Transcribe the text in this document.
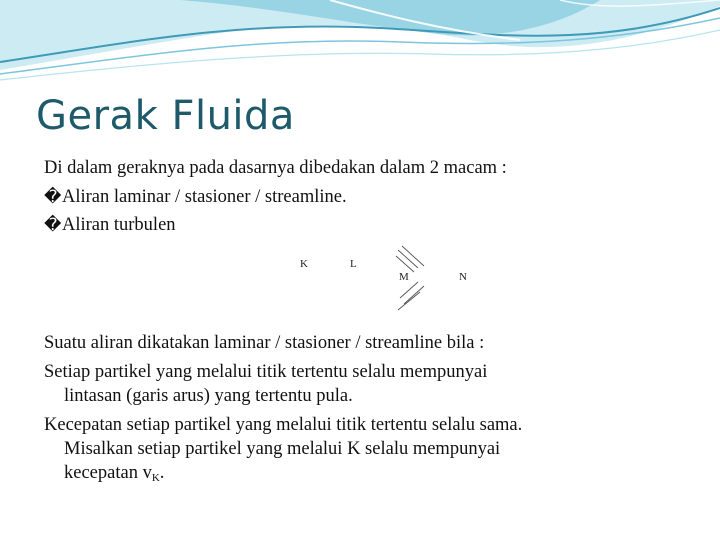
Gerak Fluida
Di dalam geraknya pada dasarnya dibedakan dalam 2 macam :
�Aliran laminar / stasioner / streamline.
�Aliran turbulen
K	L
M	N
Suatu aliran dikatakan laminar / stasioner / streamline bila :
Setiap partikel yang melalui titik tertentu selalu mempunyai
lintasan (garis arus) yang tertentu pula.
Kecepatan setiap partikel yang melalui titik tertentu selalu sama.
Misalkan setiap partikel yang melalui K selalu mempunyai
kecepatan $v_K$.
